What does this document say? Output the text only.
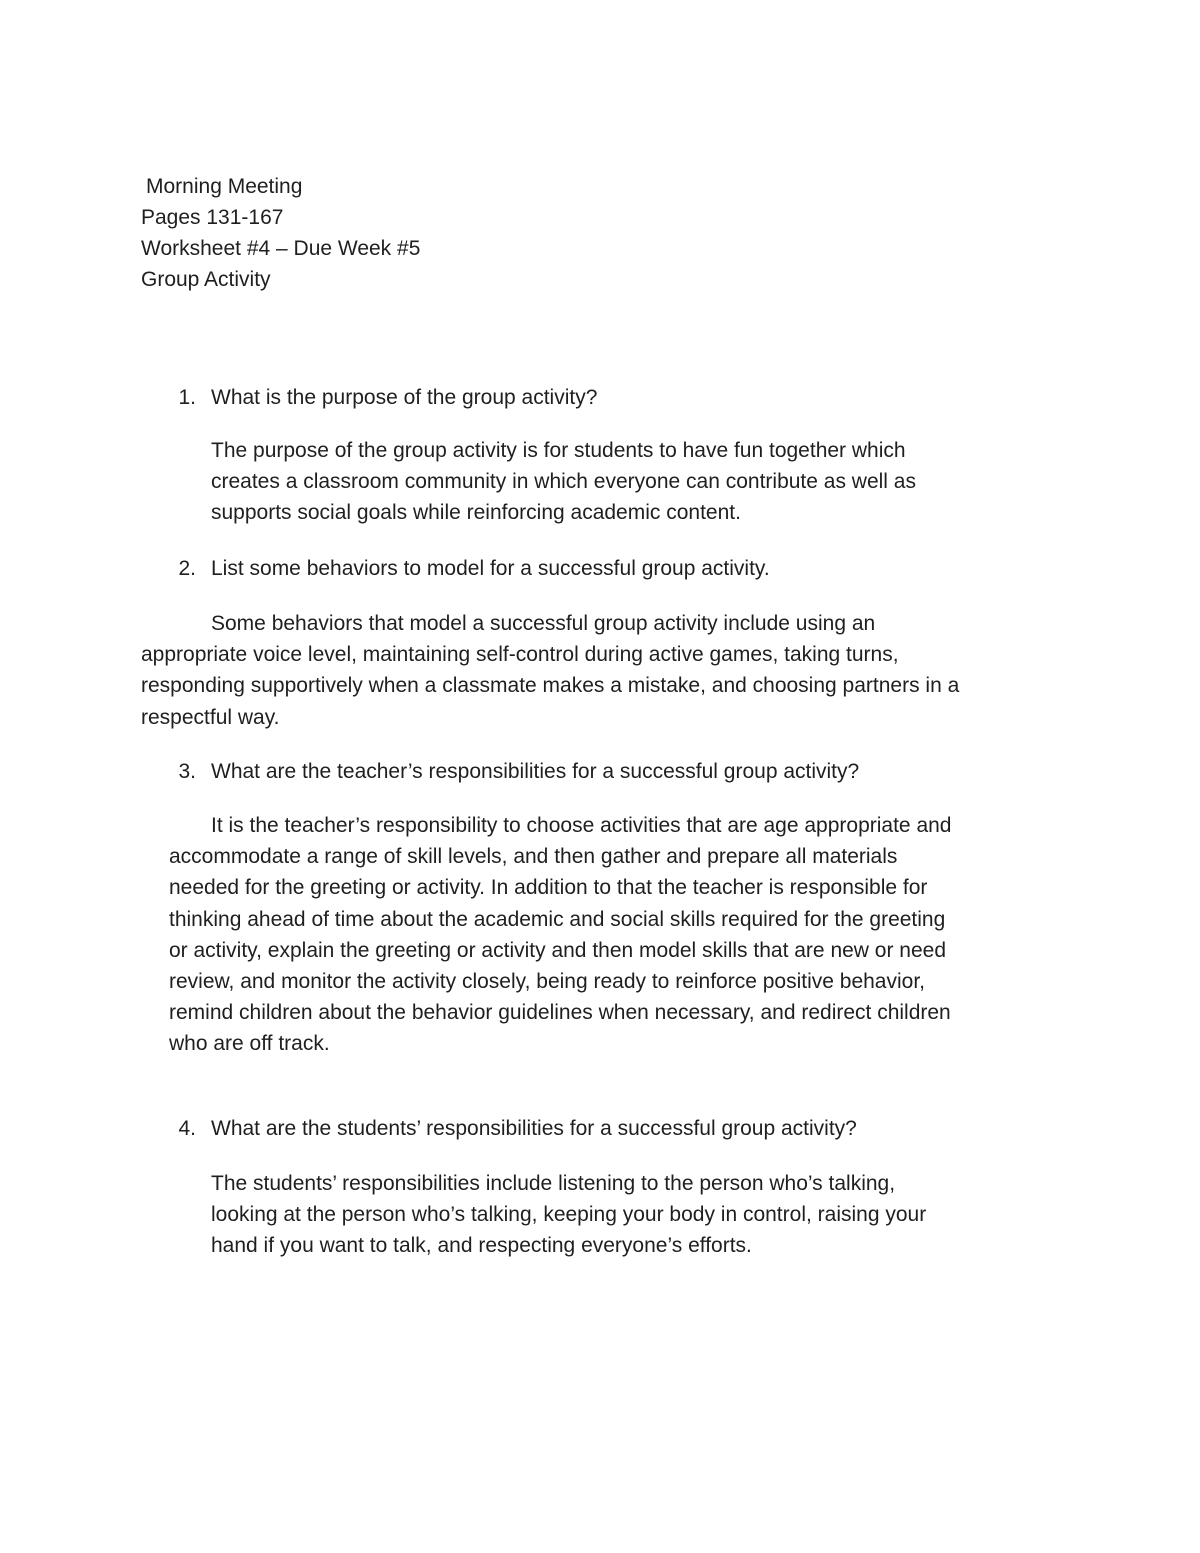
Morning Meeting
Pages 131-167
Worksheet #4 – Due Week #5
Group Activity
1. What is the purpose of the group activity?
The purpose of the group activity is for students to have fun together which
creates a classroom community in which everyone can contribute as well as
supports social goals while reinforcing academic content.
2. List some behaviors to model for a successful group activity.
Some behaviors that model a successful group activity include using an
appropriate voice level, maintaining self-control during active games, taking turns,
responding supportively when a classmate makes a mistake, and choosing partners in a
respectful way.
3. What are the teacher’s responsibilities for a successful group activity?
It is the teacher’s responsibility to choose activities that are age appropriate and
accommodate a range of skill levels, and then gather and prepare all materials
needed for the greeting or activity. In addition to that the teacher is responsible for
thinking ahead of time about the academic and social skills required for the greeting
or activity, explain the greeting or activity and then model skills that are new or need
review, and monitor the activity closely, being ready to reinforce positive behavior,
remind children about the behavior guidelines when necessary, and redirect children
who are off track.
4. What are the students’ responsibilities for a successful group activity?
The students’ responsibilities include listening to the person who’s talking,
looking at the person who’s talking, keeping your body in control, raising your
hand if you want to talk, and respecting everyone’s efforts.
